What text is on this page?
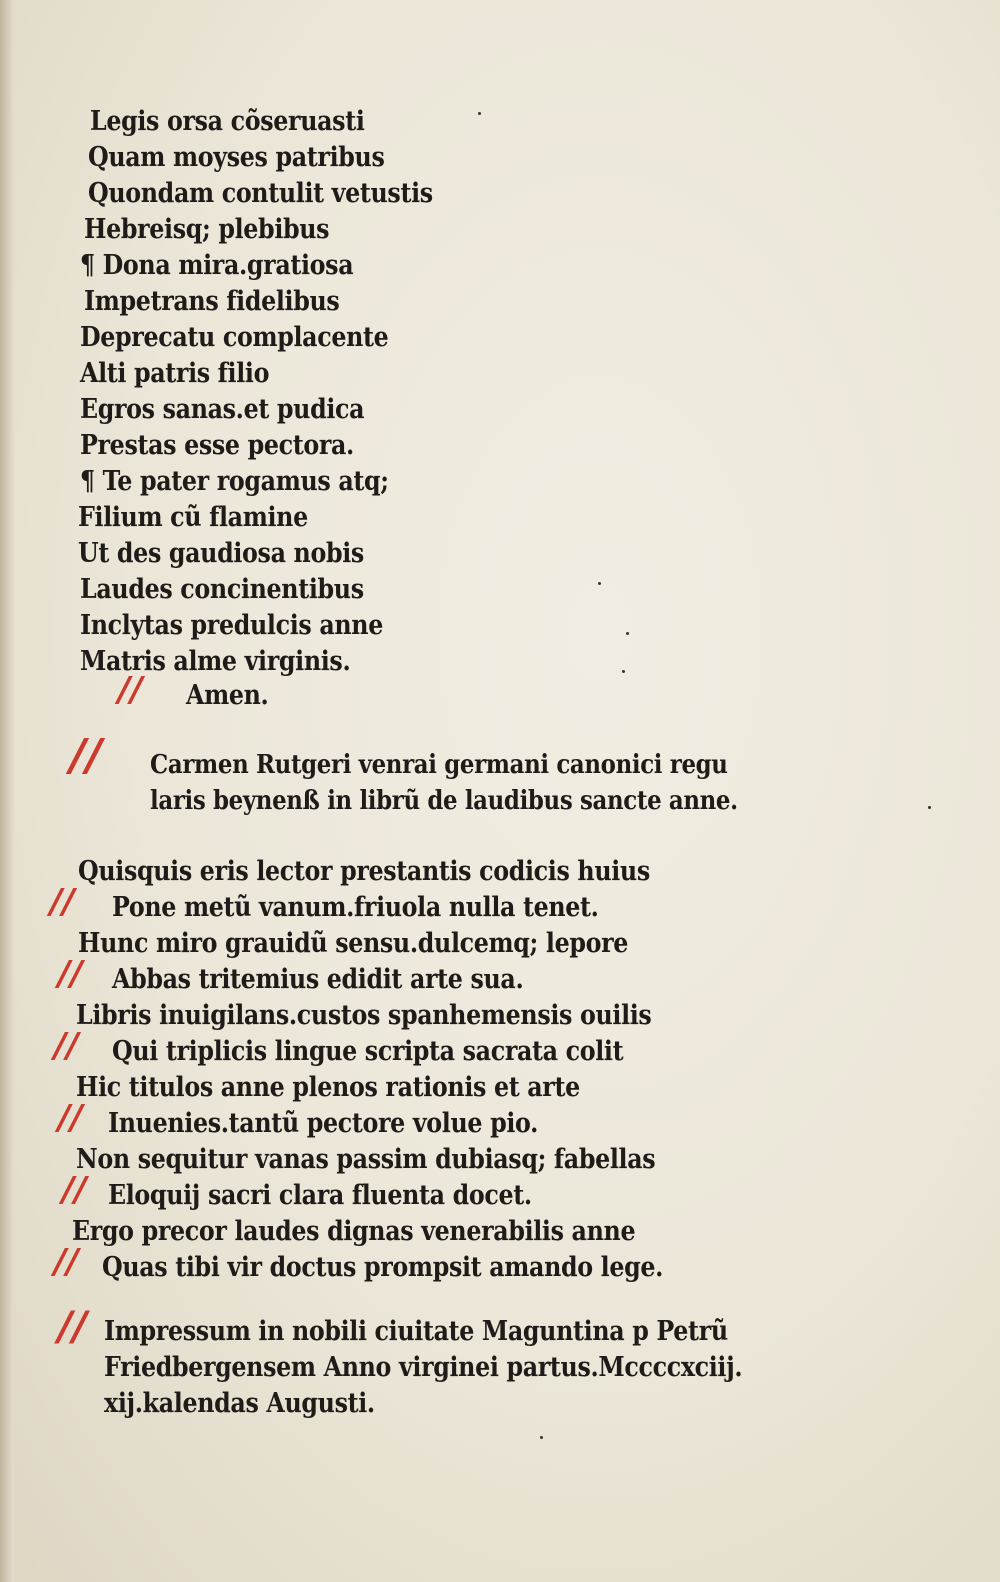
Legis orsa cõseruasti
Quam moyses patribus
Quondam contulit vetustis
Hebreisq; plebibus
¶ Dona mira.gratiosa
Impetrans fidelibus
Deprecatu complacente
Alti patris filio
Egros sanas.et pudica
Prestas esse pectora.
¶ Te pater rogamus atq;
Filium cũ flamine
Ut des gaudiosa nobis
Laudes concinentibus
Inclytas predulcis anne
Matris alme virginis.
// Amen.
// Carmen Rutgeri venrai germani canonici regu
laris beynenß in librũ de laudibus sancte anne.
Quisquis eris lector prestantis codicis huius
// Pone metũ vanum.friuola nulla tenet.
Hunc miro grauidũ sensu.dulcemq; lepore
// Abbas tritemius edidit arte sua.
Libris inuigilans.custos spanhemensis ouilis
// Qui triplicis lingue scripta sacrata colit
Hic titulos anne plenos rationis et arte
// Inuenies.tantũ pectore volue pio.
Non sequitur vanas passim dubiasq; fabellas
// Eloquij sacri clara fluenta docet.
Ergo precor laudes dignas venerabilis anne
// Quas tibi vir doctus prompsit amando lege.
// Impressum in nobili ciuitate Maguntina p Petrũ
Friedbergensem Anno virginei partus.Mccccxciij.
xij.kalendas Augusti.
